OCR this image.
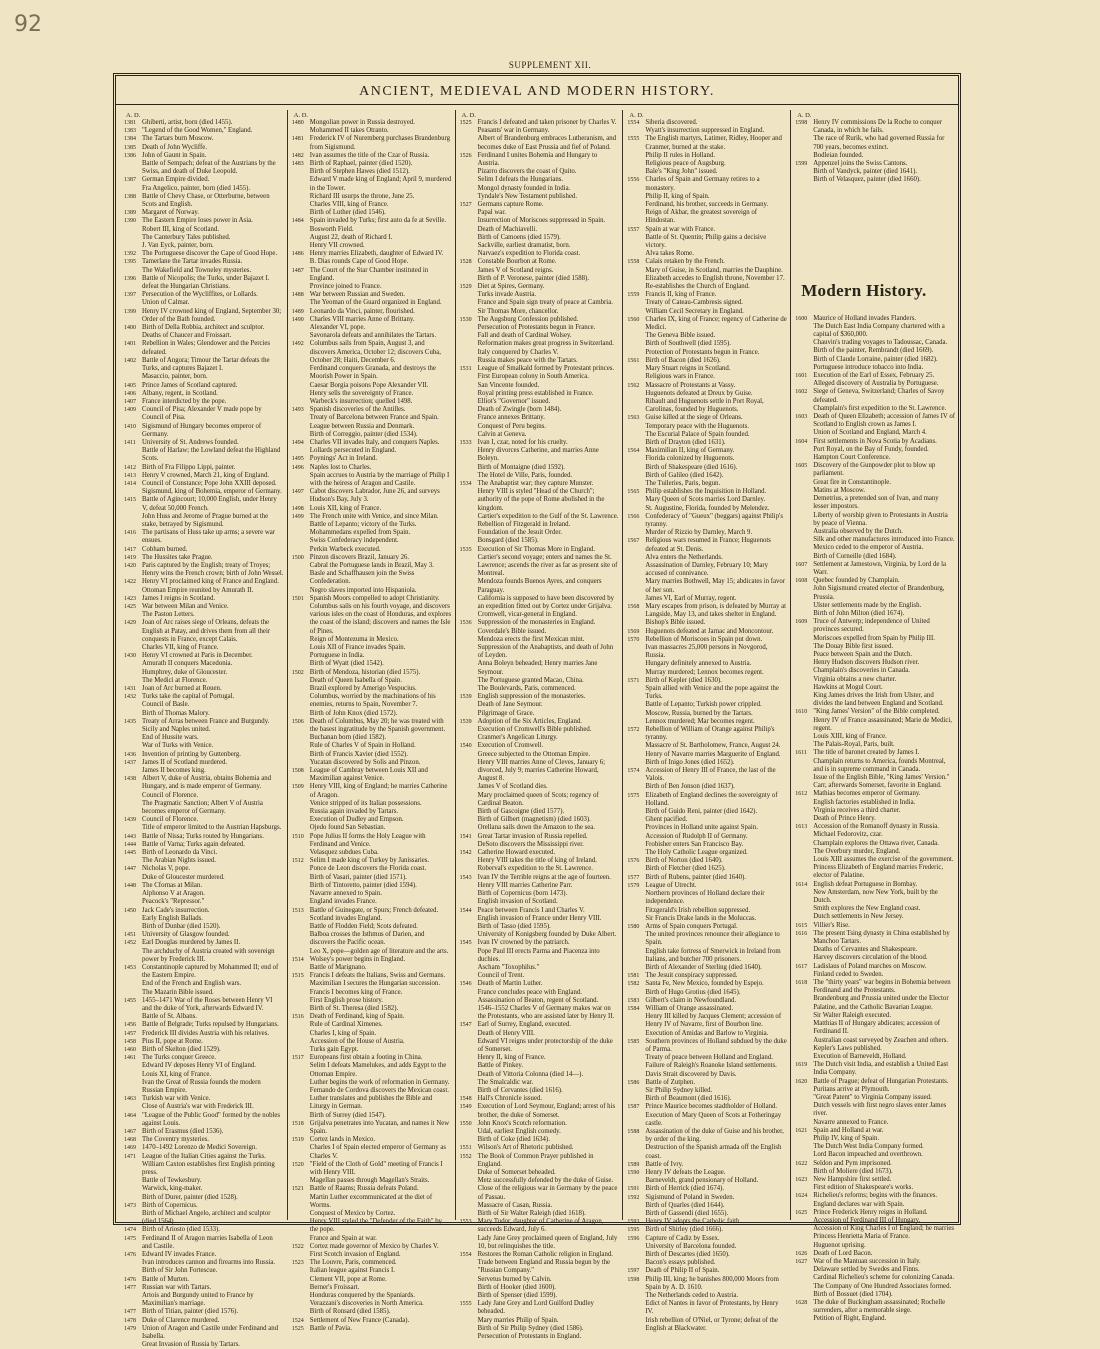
92
SUPPLEMENT XII.
ANCIENT, MEDIEVAL AND MODERN HISTORY.
A. D.
1381 Ghiberti, artist, born (died 1455).
1383 "Legend of the Good Women," England.
1384 The Tartars burn Moscow.
1385 Death of John Wycliffe.
1386 John of Gaunt in Spain.
Battle of Sempach; defeat of the Austrians by the Swiss, and death of Duke Leopold.
1387 German Empire divided.
Fra Angelico, painter, born (died 1455).
1388 Battle of Chevy Chase, or Otterburne, between Scots and English.
1389 Margaret of Norway.
1390 The Eastern Empire loses power in Asia.
Robert III, king of Scotland.
The Canterbury Tales published.
J. Van Eyck, painter, born.
1392 The Portuguese discover the Cape of Good Hope.
1395 Tamerlane the Tartar invades Russia.
The Wakefield and Towneley mysteries.
1396 Battle of Nicopolis; the Turks, under Bajazet I. defeat the Hungarian Christians.
1397 Persecution of the Wycliffites, or Lollards.
Union of Calmar.
1399 Henry IV crowned king of England, September 30; Order of the Bath founded.
1400 Birth of Della Robbia, architect and sculptor.
Deaths of Chaucer and Froissart.
1401 Rebellion in Wales; Glendower and the Percies defeated.
1402 Battle of Angora; Timour the Tartar defeats the Turks, and captures Bajazet I.
Masaccio, painter, born.
1405 Prince James of Scotland captured.
1406 Albany, regent, in Scotland.
1407 France interdicted by the pope.
1409 Council of Pisa; Alexander V made pope by Council of Pisa.
1410 Sigismund of Hungary becomes emperor of Germany.
1411 University of St. Andrews founded.
Battle of Harlaw; the Lowland defeat the Highland Scots.
1412 Birth of Fra Filippo Lippi, painter.
1413 Henry V crowned, March 21, king of England.
1414 Council of Constance; Pope John XXIII deposed.
Sigismund, king of Bohemia, emperor of Germany.
1415 Battle of Agincourt; 10,000 English, under Henry V, defeat 50,000 French.
John Huss and Jerome of Prague burned at the stake, betrayed by Sigismund.
1416 The partisans of Huss take up arms; a severe war ensues.
1417 Cobham burned.
1419 The Hussites take Prague.
1420 Paris captured by the English; treaty of Troyes; Henry wins the French crown; birth of John Wessel.
1422 Henry VI proclaimed king of France and England.
Ottoman Empire reunited by Amurath II.
1423 James I reigns in Scotland.
1425 War between Milan and Venice.
The Paston Letters.
1429 Joan of Arc raises siege of Orleans, defeats the English at Patay, and drives them from all their conquests in France, except Calais.
Charles VII, king of France.
1430 Henry VI crowned at Paris in December.
Amurath II conquers Macedonia.
Humphrey, duke of Gloucester.
The Medici at Florence.
1431 Joan of Arc burned at Rouen.
1432 Turks take the capital of Portugal.
Council of Basle.
Birth of Thomas Malory.
1435 Treaty of Arras between France and Burgundy.
Sicily and Naples united.
End of Hussite wars.
War of Turks with Venice.
1436 Invention of printing by Guttenberg.
1437 James II of Scotland murdered.
James II becomes king.
1438 Albert V, duke of Austria, obtains Bohemia and Hungary, and is made emperor of Germany.
Council of Florence.
The Pragmatic Sanction; Albert V of Austria becomes emperor of Germany.
1439 Council of Florence.
Title of emperor limited to the Austrian Hapsburgs.
1443 Battle of Nissa; Turks routed by Hungarians.
1444 Battle of Varna; Turks again defeated.
1445 Birth of Leonardo da Vinci.
The Arabian Nights issued.
1447 Nicholas V, pope.
Duke of Gloucester murdered.
1448 The Cfornas at Milan.
Alphonso V at Aragon.
Peacock's "Repressor."
1450 Jack Cade's insurrection.
Early English Ballads.
Birth of Dunbar (died 1520).
1451 University of Glasgow founded.
1452 Earl Douglas murdered by James II.
The archduchy of Austria created with sovereign power by Frederick III.
1453 Constantinople captured by Mohammed II; end of the Eastern Empire.
End of the French and English wars.
The Mazarin Bible issued.
1455 1455–1471 War of the Roses between Henry VI and the duke of York, afterwards Edward IV.
Battle of St. Albans.
1456 Battle of Belgrade; Turks repulsed by Hungarians.
1457 Frederick III divides Austria with his relatives.
1458 Pius II, pope at Rome.
1460 Birth of Skelton (died 1529).
1461 The Turks conquer Greece.
Edward IV deposes Henry VI of England.
Louis XI, king of France.
Ivan the Great of Russia founds the modern Russian Empire.
1463 Turkish war with Venice.
Close of Austria's war with Frederick III.
1464 "League of the Public Good" formed by the nobles against Louis.
1467 Birth of Erasmus (died 1536).
1468 The Coventry mysteries.
1469 1470–1492 Lorenzo de Medici Sovereign.
1471 League of the Italian Cities against the Turks.
William Caxton establishes first English printing press.
Battle of Tewkesbury.
Warwick, king-maker.
Birth of Durer, painter (died 1528).
1473 Birth of Copernicus.
Birth of Michael Angelo, architect and sculptor (died 1564).
1474 Birth of Ariosto (died 1533).
1475 Ferdinand II of Aragon marries Isabella of Leon and Castile.
1476 Edward IV invades France.
Ivan introduces cannon and firearms into Russia.
Birth of Sir John Fortescue.
1476 Battle of Murten.
1477 Russian war with Tartars.
Artois and Burgundy united to France by Maximilian's marriage.
1477 Birth of Titian, painter (died 1576).
1478 Duke of Clarence murdered.
1479 Union of Aragon and Castile under Ferdinand and Isabella.
Great Invasion of Russia by Tartars.
A. D.
1480 Mongolian power in Russia destroyed.
Mohammed II takes Otranto.
1481 Frederick IV of Nuremberg purchases Brandenburg from Sigismund.
1482 Ivan assumes the title of the Czar of Russia.
1483 Birth of Raphael, painter (died 1520).
Birth of Stephen Hawes (died 1512).
Edward V made king of England; April 9, murdered in the Tower.
Richard III usurps the throne, June 25.
Charles VIII, king of France.
Birth of Luther (died 1546).
1484 Spain invaded by Turks; first auto da fe at Seville.
Bosworth Field.
August 22, death of Richard I.
Henry VII crowned.
1486 Henry marries Elizabeth, daughter of Edward IV.
B. Dias rounds Cape of Good Hope.
1487 The Court of the Star Chamber instituted in England.
Province joined to France.
1488 War between Russian and Sweden.
The Yeoman of the Guard organized in England.
1489 Leonardo da Vinci, painter, flourished.
1490 Charles VIII marries Anne of Brittany.
Alexander VI, pope.
Savonarola defeats and annihilates the Tartars.
1492 Columbus sails from Spain, August 3, and discovers America, October 12; discovers Cuba, October 28; Haiti, December 6.
Ferdinand conquers Granada, and destroys the Moorish Power in Spain.
Caesar Borgia poisons Pope Alexander VII.
Henry sells the sovereignty of France.
Warbeck's insurrection; quelled 1498.
1493 Spanish discoveries of the Antilles.
Treaty of Barcelona between France and Spain.
League between Russia and Denmark.
Birth of Correggio, painter (died 1534).
1494 Charles VII invades Italy, and conquers Naples.
Lollards persecuted in England.
1495 Poynings' Act in Ireland.
1496 Naples lost to Charles.
Spain accrues to Austria by the marriage of Philip I with the heiress of Aragon and Castile.
1497 Cabot discovers Labrador, June 26, and surveys Hudson's Bay, July 3.
1498 Louis XII, king of France.
1499 The French unite with Venice, and since Milan.
Battle of Lepanto; victory of the Turks.
Mohammedans expelled from Spain.
Swiss Confederacy independent.
Perkin Warbeck executed.
1500 Pinzon discovers Brazil, January 26.
Cabral the Portuguese lands in Brazil, May 3.
Basle and Schaffhausen join the Swiss Confederation.
Negro slaves imported into Hispaniola.
1501 Spanish Moors compelled to adopt Christianity.
Columbus sails on his fourth voyage, and discovers various isles on the coast of Honduras, and explores the coast of the island; discovers and names the Isle of Pines.
Reign of Montezuma in Mexico.
Louis XII of France invades Spain.
Portuguese in India.
Birth of Wyatt (died 1542).
1502 Birth of Mendoza, historian (died 1575).
Death of Queen Isabella of Spain.
Brazil explored by Amerigo Vespucius.
Columbus, worried by the machinations of his enemies, returns to Spain, November 7.
Birth of John Knox (died 1572).
1506 Death of Columbus, May 20; he was treated with the basest ingratitude by the Spanish government.
Buchanan born (died 1582).
Rule of Charles V of Spain in Holland.
Birth of Francis Xavier (died 1552).
Yucatan discovered by Solis and Pinzon.
1508 League of Cambray between Louis XII and Maximilian against Venice.
1509 Henry VIII, king of England; he marries Catherine of Aragon.
Venice stripped of its Italian possessions.
Russia again invaded by Tartars.
Execution of Dudley and Empson.
Ojedo found San Sebastian.
1510 Pope Julius II forms the Holy League with Ferdinand and Venice.
Velasquez subdues Cuba.
1512 Selim I made king of Turkey by Janissaries.
Ponce de Leon discovers the Florida coast.
Birth of Vasari, painter (died 1571).
Birth of Tintoretto, painter (died 1594).
Navarre annexed to Spain.
England invades France.
1513 Battle of Guinegate, or Spurs; French defeated.
Scotland invades England.
Battle of Flodden Field; Scots defeated.
Balboa crosses the Isthmus of Darien, and discovers the Pacific ocean.
Leo X, pope—golden age of literature and the arts.
1514 Wolsey's power begins in England.
Battle of Marignano.
1515 Francis I defeats the Italians, Swiss and Germans.
Maximilian I secures the Hungarian succession.
Francis I becomes king of France.
First English prose history.
Birth of St. Theresa (died 1582).
1516 Death of Ferdinand, king of Spain.
Rule of Cardinal Ximenes.
Charles I, king of Spain.
Accession of the House of Austria.
Turks gain Egypt.
1517 Europeans first obtain a footing in China.
Selim I defeats Mamelukes, and adds Egypt to the Ottoman Empire.
Luther begins the work of reformation in Germany.
Fernando de Cordova discovers the Mexican coast.
Luther translates and publishes the Bible and Liturgy in German.
Birth of Surrey (died 1547).
1518 Grijalva penetrates into Yucatan, and names it New Spain.
1519 Cortez lands in Mexico.
Charles I of Spain elected emperor of Germany as Charles V.
1520 "Field of the Cloth of Gold" meeting of Francis I with Henry VIII.
Magellan passes through Magellan's Straits.
1521 Battle of Raams; Russia defeats Poland.
Martin Luther excommunicated at the diet of Worms.
Conquest of Mexico by Cortez.
Henry VIII styled the "Defender of the Faith" by the pope.
France and Spain at war.
1522 Cortez made governor of Mexico by Charles V.
First Scotch invasion of England.
1523 The Louvre, Paris, commenced.
Italian league against Francis I.
Clement VII, pope at Rome.
Berner's Froissart.
Honduras conquered by the Spaniards.
Verazzani's discoveries in North America.
Birth of Ronsard (died 1585).
1524 Settlement of New France (Canada).
1525 Battle of Pavia.
A. D.
1525 Francis I defeated and taken prisoner by Charles V.
Peasants' war in Germany.
Albert of Brandenburg embraces Lutheranism, and becomes duke of East Prussia and fief of Poland.
1526 Ferdinand I unites Bohemia and Hungary to Austria.
Pizarro discovers the coast of Quito.
Selim I defeats the Hungarians.
Mongol dynasty founded in India.
Tyndale's New Testament published.
1527 Germans capture Rome.
Papal war.
Insurrection of Moriscoes suppressed in Spain.
Death of Machiavelli.
Birth of Camoens (died 1579).
Sackville, earliest dramatist, born.
Narvaez's expedition to Florida coast.
1528 Constable Bourbon at Rome.
James V of Scotland reigns.
Birth of P. Veronese, painter (died 1588).
1529 Diet at Spires, Germany.
Turks invade Austria.
France and Spain sign treaty of peace at Cambria.
Sir Thomas More, chancellor.
1530 The Augsburg Confession published.
Persecution of Protestants begun in France.
Fall and death of Cardinal Wolsey.
Reformation makes great progress in Switzerland.
Italy conquered by Charles V.
Russia makes peace with the Tartars.
1531 League of Smalkald formed by Protestant princes.
First European colony in South America.
San Vincente founded.
Royal printing press established in France.
Elliot's "Governor" issued.
Death of Zwingle (born 1484).
France annexes Brittany.
Conquest of Peru begins.
Calvin at Geneva.
1533 Ivan I, czar, noted for his cruelty.
Henry divorces Catherine, and marries Anne Boleyn.
Birth of Montaigne (died 1592).
The Hotel de Ville, Paris, founded.
1534 The Anabaptist war; they capture Munster.
Henry VIII is styled "Head of the Church"; authority of the pope of Rome abolished in the kingdom.
Cartier's expedition to the Gulf of the St. Lawrence.
Rebellion of Fitzgerald in Ireland.
Foundation of the Jesuit Order.
Bonsgard (died 1585).
1535 Execution of Sir Thomas More in England.
Cartier's second voyage; enters and names the St. Lawrence; ascends the river as far as present site of Montreal.
Mendoza founds Buenos Ayres, and conquers Paraguay.
California is supposed to have been discovered by an expedition fitted out by Cortez under Grijalva.
Cromwell, vicar-general in England.
1536 Suppression of the monasteries in England.
Coverdale's Bible issued.
Mendoza erects the first Mexican mint.
Suppression of the Anabaptists, and death of John of Leyden.
Anna Boleyn beheaded; Henry marries Jane Seymour.
The Portuguese granted Macao, China.
The Boulevards, Paris, commenced.
1539 English suppression of the monasteries.
Death of Jane Seymour.
Pilgrimage of Grace.
1539 Adoption of the Six Articles, England.
Execution of Cromwell's Bible published.
Cranmer's Angelican Liturgy.
1540 Execution of Cromwell.
Greece subjected to the Ottoman Empire.
Henry VIII marries Anne of Cleves, January 6; divorced, July 9; marries Catherine Howard, August 8.
James V of Scotland dies.
Mary proclaimed queen of Scots; regency of Cardinal Beaton.
Birth of Gascoigne (died 1577).
Birth of Gilbert (magnetism) (died 1603).
Orellana sails down the Amazon to the sea.
1541 Great Tartar invasion of Russia repelled.
DeSoto discovers the Mississippi river.
1542 Catherine Howard executed.
Henry VIII takes the title of king of Ireland.
Roberval's expedition to the St. Lawrence.
1543 Ivan IV the Terrible reigns at the age of fourteen.
Henry VIII marries Catherine Parr.
Birth of Copernicus (born 1473).
English invasion of Scotland.
1544 Peace between Francis I and Charles V.
English invasion of France under Henry VIII.
Birth of Tasso (died 1595).
University of Konigsberg founded by Duke Albert.
1545 Ivan IV crowned by the patriarch.
Pope Paul III erects Parma and Piacenza into duchies.
Ascham "Toxophilus."
Council of Trent.
1546 Death of Martin Luther.
France concludes peace with England.
Assassination of Beaton, regent of Scotland.
1546–1552 Charles V of Germany makes war on the Protestants, who are assisted later by Henry II.
1547 Earl of Surrey, England, executed.
Death of Henry VIII.
Edward VI reigns under protectorship of the duke of Somerset.
Henry II, king of France.
Battle of Pinkey.
Death of Vittoria Colonna (died 14—).
The Smalcaldic war.
Birth of Cervantes (died 1616).
1548 Hall's Chronicle issued.
1549 Execution of Lord Seymour, England; arrest of his brother, the duke of Somerset.
1550 John Knox's Scotch reformation.
Udal, earliest English comedy.
Birth of Coke (died 1634).
1551 Wilson's Art of Rhetoric published.
1552 The Book of Common Prayer published in England.
Duke of Somerset beheaded.
Metz successfully defended by the duke of Guise.
Close of the religious war in Germany by the peace of Passau.
Massacre of Casan, Russia.
Birth of Sir Walter Raleigh (died 1618).
1553 Mary Tudor, daughter of Catherine of Aragon, succeeds Edward, July 6.
Lady Jane Grey proclaimed queen of England, July 10, but relinquishes the title.
1554 Restores the Roman Catholic religion in England.
Trade between England and Russia begun by the "Russian Company."
Servetus burned by Calvin.
Birth of Hooker (died 1600).
Birth of Spenser (died 1599).
1555 Lady Jane Grey and Lord Guilford Dudley beheaded.
Mary marries Philip of Spain.
Birth of Sir Philip Sydney (died 1586).
Persecution of Protestants in England.
A. D.
1554 Siberia discovered.
Wyatt's insurrection suppressed in England.
1555 The English martyrs, Latimer, Ridley, Hooper and Cranmer, burned at the stake.
Philip II rules in Holland.
Religious peace of Augsburg.
Bale's "King John" issued.
1556 Charles of Spain and Germany retires to a monastery.
Philip II, king of Spain.
Ferdinand, his brother, succeeds in Germany.
Reign of Akbar, the greatest sovereign of Hindostan.
1557 Spain at war with France.
Battle of St. Quentin; Philip gains a decisive victory.
Alva takes Rome.
1558 Calais retaken by the French.
Mary of Guise, in Scotland, marries the Dauphine.
Elizabeth accedes to English throne, November 17.
Re-establishes the Church of England.
1559 Francis II, king of France.
Treaty of Cateau-Cambresis signed.
William Cecil Secretary in England.
1560 Charles IX, king of France; regency of Catherine de Medici.
The Geneva Bible issued.
Birth of Southwell (died 1595).
Protection of Protestants begun in France.
1561 Birth of Bacon (died 1626).
Mary Stuart reigns in Scotland.
Religious wars in France.
1562 Massacre of Protestants at Vassy.
Huguenots defeated at Dreux by Guise.
Ribault and Huguenots settle in Port Royal, Carolinas, founded by Huguenots.
1563 Guise killed at the siege of Orleans.
Temporary peace with the Huguenots.
The Escurial Palace of Spain founded.
Birth of Drayton (died 1631).
1564 Maximilian II, king of Germany.
Florida colonized by Huguenots.
Birth of Shakespeare (died 1616).
Birth of Galileo (died 1642).
The Tuileries, Paris, begun.
1565 Philip establishes the Inquisition in Holland.
Mary Queen of Scots marries Lord Darnley.
St. Augustine, Florida, founded by Melendez.
1566 Confederacy of "Gueux" (beggars) against Philip's tyranny.
Murder of Rizzio by Darnley, March 9.
1567 Religious wars resumed in France; Huguenots defeated at St. Denis.
Alva enters the Netherlands.
Assassination of Darnley, February 10; Mary accused of connivance.
Mary marries Bothwell, May 15; abdicates in favor of her son.
James VI, Earl of Murray, regent.
1568 Mary escapes from prison, is defeated by Murray at Langside, May 13, and takes shelter in England.
Bishop's Bible issued.
1569 Huguenots defeated at Jarnac and Moncontour.
1570 Rebellion of Moriscoes in Spain put down.
Ivan massacres 25,000 persons in Novgorod, Russia.
Hungary definitely annexed to Austria.
Murray murdered; Lennox becomes regent.
1571 Birth of Kepler (died 1630).
Spain allied with Venice and the pope against the Turks.
Battle of Lepanto; Turkish power crippled.
Moscow, Russia, burned by the Tartars.
Lennox murdered; Mar becomes regent.
1572 Rebellion of William of Orange against Philip's tyranny.
Massacre of St. Bartholomew, France, August 24.
Henry of Navarre marries Marguerite of England.
Birth of Inigo Jones (died 1652).
1574 Accession of Henry III of France, the last of the Valois.
Birth of Ben Jonson (died 1637).
1575 Elizabeth of England declines the sovereignty of Holland.
Birth of Guido Reni, painter (died 1642).
Ghent pacified.
Provinces in Holland unite against Spain.
Accession of Rudolph II of Germany.
Frobisher enters San Francisco Bay.
The Holy Catholic League organized.
1576 Birth of Norton (died 1640).
Birth of Fletcher (died 1625).
1577 Birth of Rubens, painter (died 1640).
1579 League of Utrecht.
Northern provinces of Holland declare their independence.
Fitzgerald's Irish rebellion suppressed.
Sir Francis Drake lands in the Moluccas.
1580 Arms of Spain conquers Portugal.
The united provinces renounce their allegiance to Spain.
English take fortress of Smerwick in Ireland from Italians, and butcher 700 prisoners.
Birth of Alexander of Sterling (died 1640).
1581 The Jesuit conspiracy suppressed.
1582 Santa Fe, New Mexico, founded by Espejo.
Birth of Hugo Grotius (died 1645).
1583 Gilbert's claim in Newfoundland.
1584 William of Orange assassinated.
Henry III killed by Jacques Clement; accession of Henry IV of Navarre, first of Bourbon line.
Execution of Amidas and Barlow to Virginia.
1585 Southern provinces of Holland subdued by the duke of Parma.
Treaty of peace between Holland and England.
Failure of Raleigh's Roanoke Island settlements.
Davis Strait discovered by Davis.
1586 Battle of Zutphen.
Sir Philip Sydney killed.
Birth of Beaumont (died 1616).
1587 Prince Maurice becomes stadtholder of Holland.
Execution of Mary Queen of Scots at Fotheringay castle.
1588 Assassination of the duke of Guise and his brother, by order of the king.
Destruction of the Spanish armada off the English coast.
1589 Battle of Ivry.
1590 Henry IV defeats the League.
Barneveldt, grand pensionary of Holland.
1591 Birth of Herrick (died 1674).
1592 Sigismund of Poland in Sweden.
Birth of Quarles (died 1644).
Birth of Gassendi (died 1655).
1593 Henry IV adopts the Catholic faith.
1595 Birth of Shirley (died 1666).
1596 Capture of Cadiz by Essex.
University of Barcelona founded.
Birth of Descartes (died 1650).
Bacon's essays published.
1597 Death of Philip II of Spain.
1598 Philip III, king; he banishes 800,000 Moors from Spain by A. D. 1610.
The Netherlands ceded to Austria.
Edict of Nantes in favor of Protestants, by Henry IV.
Irish rebellion of O'Niel, or Tyrone; defeat of the English at Blackwater.
A. D.
1598 Henry IV commissions De la Roche to conquer Canada, in which he fails.
The race of Rurik, who had governed Russia for 700 years, becomes extinct.
Bodleian founded.
1599 Appenzel joins the Swiss Cantons.
Birth of Vandyck, painter (died 1641).
Birth of Velasquez, painter (died 1660).
Modern History.
1600 Maurice of Holland invades Flanders.
The Dutch East India Company chartered with a capital of $360,000.
Chauvin's trading voyages to Tadoussac, Canada.
Birth of the painter, Rembrandt (died 1669).
Birth of Claude Lorraine, painter (died 1682).
Portuguese introduce tobacco into India.
1601 Execution of the Earl of Essex, February 25.
Alleged discovery of Australia by Portuguese.
1602 Siege of Geneva, Switzerland; Charles of Savoy defeated.
Champlain's first expedition to the St. Lawrence.
1603 Death of Queen Elizabeth; accession of James IV of Scotland to English crown as James I.
Union of Scotland and England, March 4.
1604 First settlements in Nova Scotia by Acadians.
Port Royal, on the Bay of Fundy, founded.
Hampton Court Conference.
1605 Discovery of the Gunpowder plot to blow up parliament.
Great fire in Constantinople.
Matins at Moscow.
Demetrius, a pretended son of Ivan, and many lesser impostors.
Liberty of worship given to Protestants in Austria by peace of Vienna.
Australia observed by the Dutch.
Silk and other manufactures introduced into France.
Mexico ceded to the emperor of Austria.
Birth of Corneille (died 1684).
1607 Settlement at Jamestown, Virginia, by Lord de la Warr.
1608 Quebec founded by Champlain.
John Sigismund created elector of Brandenburg, Prussia.
Ulster settlements made by the English.
Birth of John Milton (died 1674).
1609 Truce of Antwerp; independence of United provinces secured.
Moriscoes expelled from Spain by Philip III.
The Douay Bible first issued.
Peace between Spain and the Dutch.
Henry Hudson discovers Hudson river.
Champlain's discoveries in Canada.
Virginia obtains a new charter.
Hawkins at Mogul Court.
King James drives the Irish from Ulster, and divides the land between England and Scotland.
1610 "King James' Version" of the Bible completed.
Henry IV of France assassinated; Marie de Medici, regent.
Louis XIII, king of France.
The Palais-Royal, Paris, built.
1611 The title of baronet created by James I.
Champlain returns to America, founds Montreal, and is in supreme command in Canada.
Issue of the English Bible, "King James' Version."
Carr, afterwards Somerset, favorite in England.
1612 Mathias becomes emperor of Germany.
English factories established in India.
Virginia receives a third charter.
Death of Prince Henry.
1613 Accession of the Romanoff dynasty in Russia.
Michael Fedorovitz, czar.
Champlain explores the Ottawa river, Canada.
The Overbury murder, England.
Louis XIII assumes the exercise of the government.
Princess Elizabeth of England marries Frederic, elector of Palatine.
1614 English defeat Portuguese in Bombay.
New Amsterdam, now New York, built by the Dutch.
Smith explores the New England coast.
Dutch settlements in New Jersey.
1615 Villier's Rise.
1616 The present Tsing dynasty in China established by Manchoo Tartars.
Deaths of Cervantes and Shakespeare.
Harvey discovers circulation of the blood.
1617 Ladislaus of Poland marches on Moscow.
Finland ceded to Sweden.
1618 The "thirty years" war begins in Bohemia between Ferdinand and the Protestants.
Brandenburg and Prussia united under the Elector Palatine, and the Catholic Bavarian League.
Sir Walter Raleigh executed.
Matthias II of Hungary abdicates; accession of Ferdinand II.
Australian coast surveyed by Zeachen and others.
Kepler's Laws published.
Execution of Barneveldt, Holland.
1619 The Dutch visit India, and establish a United East India Company.
1620 Battle of Prague; defeat of Hungarian Protestants.
Puritans arrive at Plymouth.
"Great Patent" to Virginia Company issued.
Dutch vessels with first negro slaves enter James river.
Navarre annexed to France.
1621 Spain and Holland at war.
Philip IV, king of Spain.
The Dutch West India Company formed.
Lord Bacon impeached and overthrown.
1622 Seldon and Pym imprisoned.
Birth of Moliere (died 1673).
1623 New Hampshire first settled.
First edition of Shakespeare's works.
1624 Richelieu's reforms; begins with the finances.
England declares war with Spain.
1625 Prince Frederick Henry reigns in Holland.
Accession of Ferdinand III of Hungary.
Accession of King Charles I of England; he marries Princess Henrietta Maria of France.
Huguenot uprising.
1626 Death of Lord Bacon.
1627 War of the Mantuan succession in Italy.
Delaware settled by Swedes and Finns.
Cardinal Richelieu's scheme for colonizing Canada.
The Company of One Hundred Associates formed.
Birth of Bossuet (died 1704).
1628 The duke of Buckingham assassinated; Rochelle surrenders, after a memorable siege.
Petition of Right, England.
